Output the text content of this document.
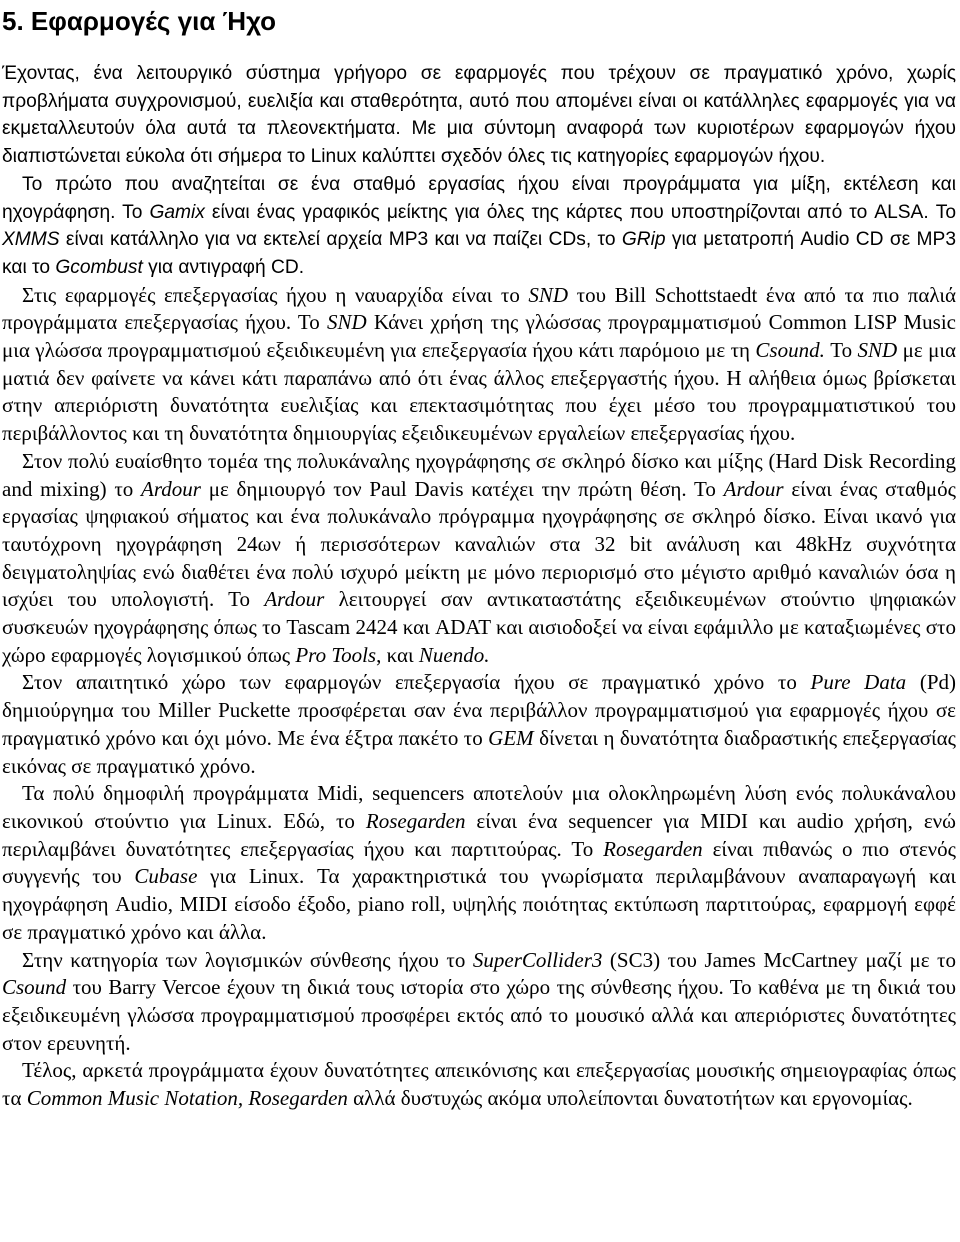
5. Εφαρμογές για Ήχο

Έχοντας, ένα λειτουργικό σύστημα γρήγορο σε εφαρμογές που τρέχουν σε πραγματικό χρόνο, χωρίς προβλήματα συγχρονισμού, ευελιξία και σταθερότητα, αυτό που απομένει είναι οι κατάλληλες εφαρμογές για να εκμεταλλευτούν όλα αυτά τα πλεονεκτήματα. Με μια σύντομη αναφορά των κυριοτέρων εφαρμογών ήχου διαπιστώνεται εύκολα ότι σήμερα το Linux καλύπτει σχεδόν όλες τις κατηγορίες εφαρμογών ήχου.

Το πρώτο που αναζητείται σε ένα σταθμό εργασίας ήχου είναι προγράμματα για μίξη, εκτέλεση και ηχογράφηση. Το Gamix είναι ένας γραφικός μείκτης για όλες της κάρτες που υποστηρίζονται από το ALSA. Το XMMS είναι κατάλληλο για να εκτελεί αρχεία MP3 και να παίζει CDs, το GRip για μετατροπή Audio CD σε MP3 και το Gcombust για αντιγραφή CD.

Στις εφαρμογές επεξεργασίας ήχου η ναυαρχίδα είναι το SND του Bill Schottstaedt ένα από τα πιο παλιά προγράμματα επεξεργασίας ήχου. Το SND Κάνει χρήση της γλώσσας προγραμματισμού Common LISP Music μια γλώσσα προγραμματισμού εξειδικευμένη για επεξεργασία ήχου κάτι παρόμοιο με τη Csound. Το SND με μια ματιά δεν φαίνετε να κάνει κάτι παραπάνω από ότι ένας άλλος επεξεργαστής ήχου. Η αλήθεια όμως βρίσκεται στην απεριόριστη δυνατότητα ευελιξίας και επεκτασιμότητας που έχει μέσο του προγραμματιστικού του περιβάλλοντος και τη δυνατότητα δημιουργίας εξειδικευμένων εργαλείων επεξεργασίας ήχου.

Στον πολύ ευαίσθητο τομέα της πολυκάναλης ηχογράφησης σε σκληρό δίσκο και μίξης (Hard Disk Recording and mixing) το Ardour με δημιουργό τον Paul Davis κατέχει την πρώτη θέση. Το Ardour είναι ένας σταθμός εργασίας ψηφιακού σήματος και ένα πολυκάναλο πρόγραμμα ηχογράφησης σε σκληρό δίσκο. Είναι ικανό για ταυτόχρονη ηχογράφηση 24ων ή περισσότερων καναλιών στα 32 bit ανάλυση και 48kHz συχνότητα δειγματοληψίας ενώ διαθέτει ένα πολύ ισχυρό μείκτη με μόνο περιορισμό στο μέγιστο αριθμό καναλιών όσα η ισχύει του υπολογιστή. Το Ardour λειτουργεί σαν αντικαταστάτης εξειδικευμένων στούντιο ψηφιακών συσκευών ηχογράφησης όπως το Tascam 2424 και ADAT και αισιοδοξεί να είναι εφάμιλλο με καταξιωμένες στο χώρο εφαρμογές λογισμικού όπως Pro Tools, και Nuendo.

Στον απαιτητικό χώρο των εφαρμογών επεξεργασία ήχου σε πραγματικό χρόνο το Pure Data (Pd) δημιούργημα του Miller Puckette προσφέρεται σαν ένα περιβάλλον προγραμματισμού για εφαρμογές ήχου σε πραγματικό χρόνο και όχι μόνο. Με ένα έξτρα πακέτο το GEM δίνεται η δυνατότητα διαδραστικής επεξεργασίας εικόνας σε πραγματικό χρόνο.

Τα πολύ δημοφιλή προγράμματα Midi, sequencers αποτελούν μια ολοκληρωμένη λύση ενός πολυκάναλου εικονικού στούντιο για Linux. Εδώ, το Rosegarden είναι ένα sequencer για MIDI και audio χρήση, ενώ περιλαμβάνει δυνατότητες επεξεργασίας ήχου και παρτιτούρας. Το Rosegarden είναι πιθανώς ο πιο στενός συγγενής του Cubase για Linux. Τα χαρακτηριστικά του γνωρίσματα περιλαμβάνουν αναπαραγωγή και ηχογράφηση Audio, MIDI είσοδο έξοδο, piano roll, υψηλής ποιότητας εκτύπωση παρτιτούρας, εφαρμογή εφφέ σε πραγματικό χρόνο και άλλα.

Στην κατηγορία των λογισμικών σύνθεσης ήχου το SuperCollider3 (SC3) του James McCartney μαζί με το Csound του Barry Vercoe έχουν τη δικιά τους ιστορία στο χώρο της σύνθεσης ήχου. Το καθένα με τη δικιά του εξειδικευμένη γλώσσα προγραμματισμού προσφέρει εκτός από το μουσικό αλλά και απεριόριστες δυνατότητες στον ερευνητή.

Τέλος, αρκετά προγράμματα έχουν δυνατότητες απεικόνισης και επεξεργασίας μουσικής σημειογραφίας όπως τα Common Music Notation, Rosegarden αλλά δυστυχώς ακόμα υπολείπονται δυνατοτήτων και εργονομίας.
